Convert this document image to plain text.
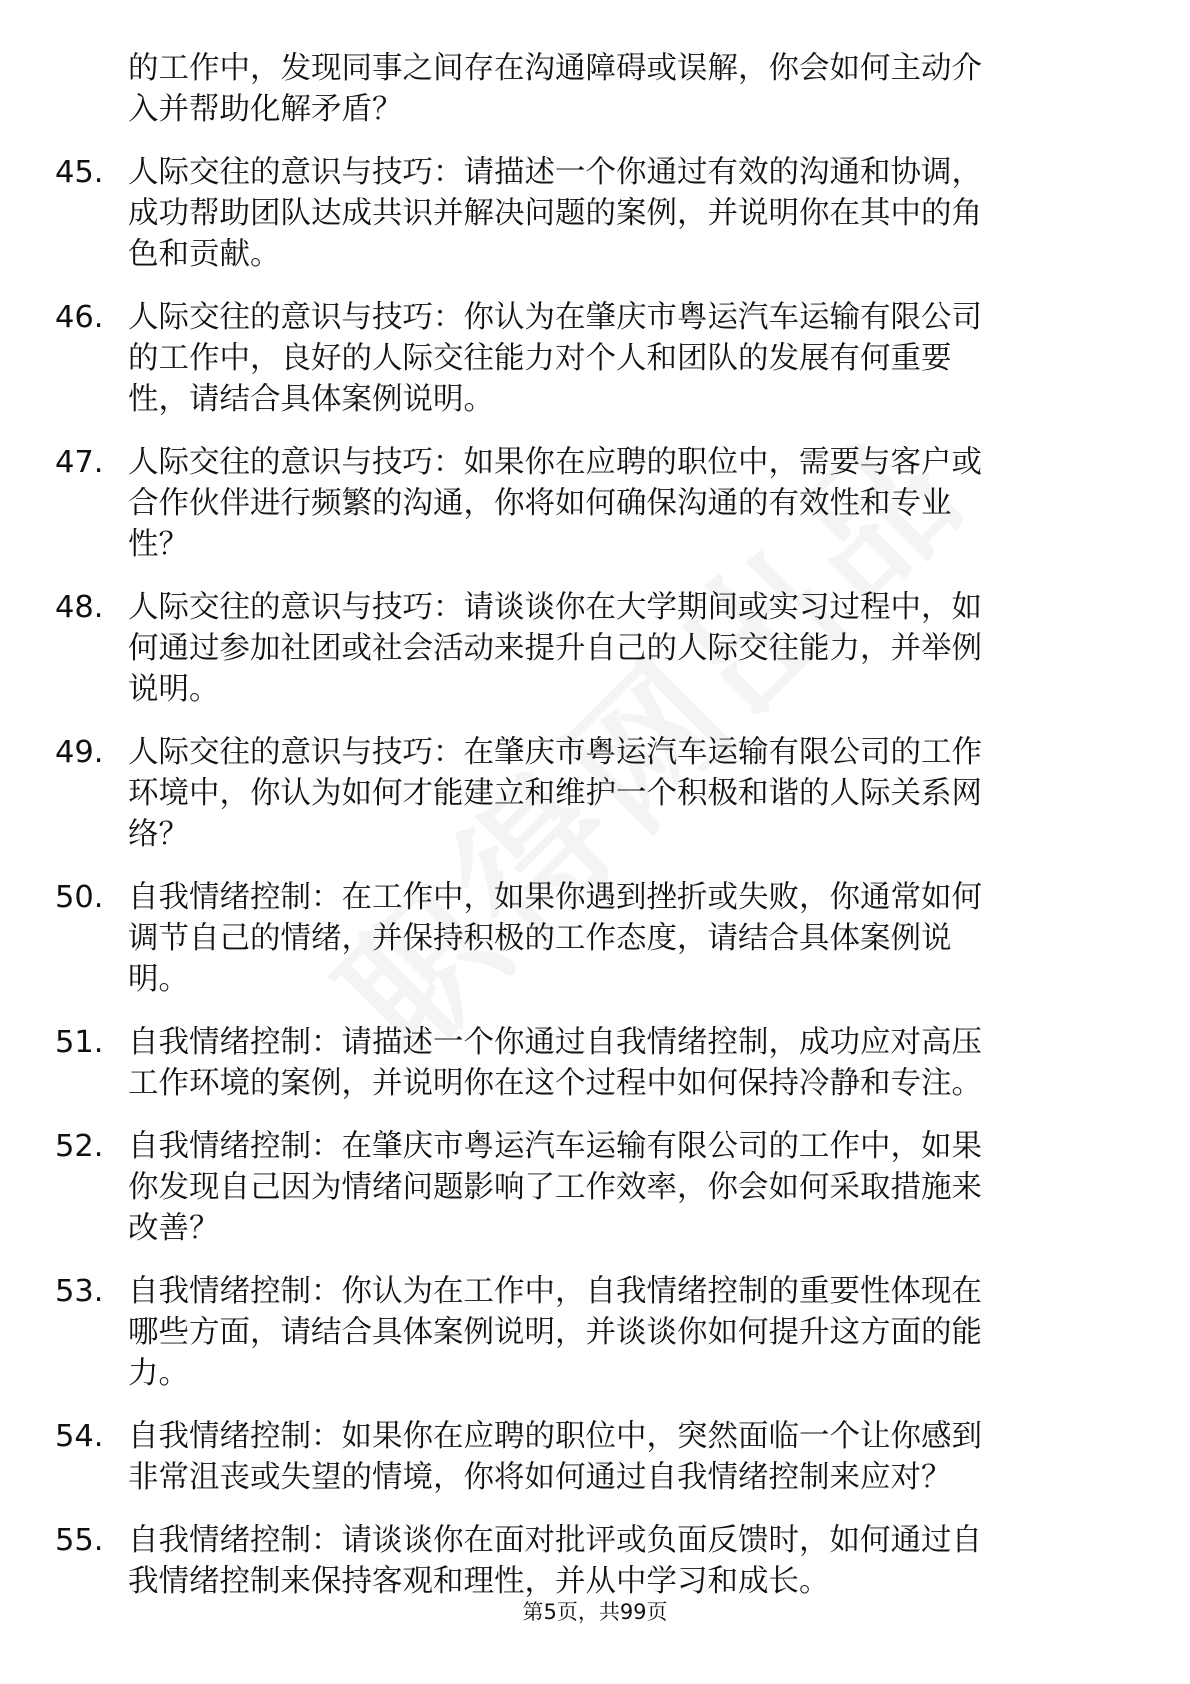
的工作中，发现同事之间存在沟通障碍或误解，你会如何主动介
入并帮助化解矛盾？
45. 人际交往的意识与技巧：请描述一个你通过有效的沟通和协调，
成功帮助团队达成共识并解决问题的案例，并说明你在其中的角
色和贡献。
46. 人际交往的意识与技巧：你认为在肇庆市粤运汽车运输有限公司
的工作中，良好的人际交往能力对个人和团队的发展有何重要
性，请结合具体案例说明。
47. 人际交往的意识与技巧：如果你在应聘的职位中，需要与客户或
合作伙伴进行频繁的沟通，你将如何确保沟通的有效性和专业
性？
48. 人际交往的意识与技巧：请谈谈你在大学期间或实习过程中，如
何通过参加社团或社会活动来提升自己的人际交往能力，并举例
说明。
49. 人际交往的意识与技巧：在肇庆市粤运汽车运输有限公司的工作
环境中，你认为如何才能建立和维护一个积极和谐的人际关系网
络？
50. 自我情绪控制：在工作中，如果你遇到挫折或失败，你通常如何
调节自己的情绪，并保持积极的工作态度，请结合具体案例说
明。
51. 自我情绪控制：请描述一个你通过自我情绪控制，成功应对高压
工作环境的案例，并说明你在这个过程中如何保持冷静和专注。
52. 自我情绪控制：在肇庆市粤运汽车运输有限公司的工作中，如果
你发现自己因为情绪问题影响了工作效率，你会如何采取措施来
改善？
53. 自我情绪控制：你认为在工作中，自我情绪控制的重要性体现在
哪些方面，请结合具体案例说明，并谈谈你如何提升这方面的能
力。
54. 自我情绪控制：如果你在应聘的职位中，突然面临一个让你感到
非常沮丧或失望的情境，你将如何通过自我情绪控制来应对？
55. 自我情绪控制：请谈谈你在面对批评或负面反馈时，如何通过自
我情绪控制来保持客观和理性，并从中学习和成长。
第5页，共99页
